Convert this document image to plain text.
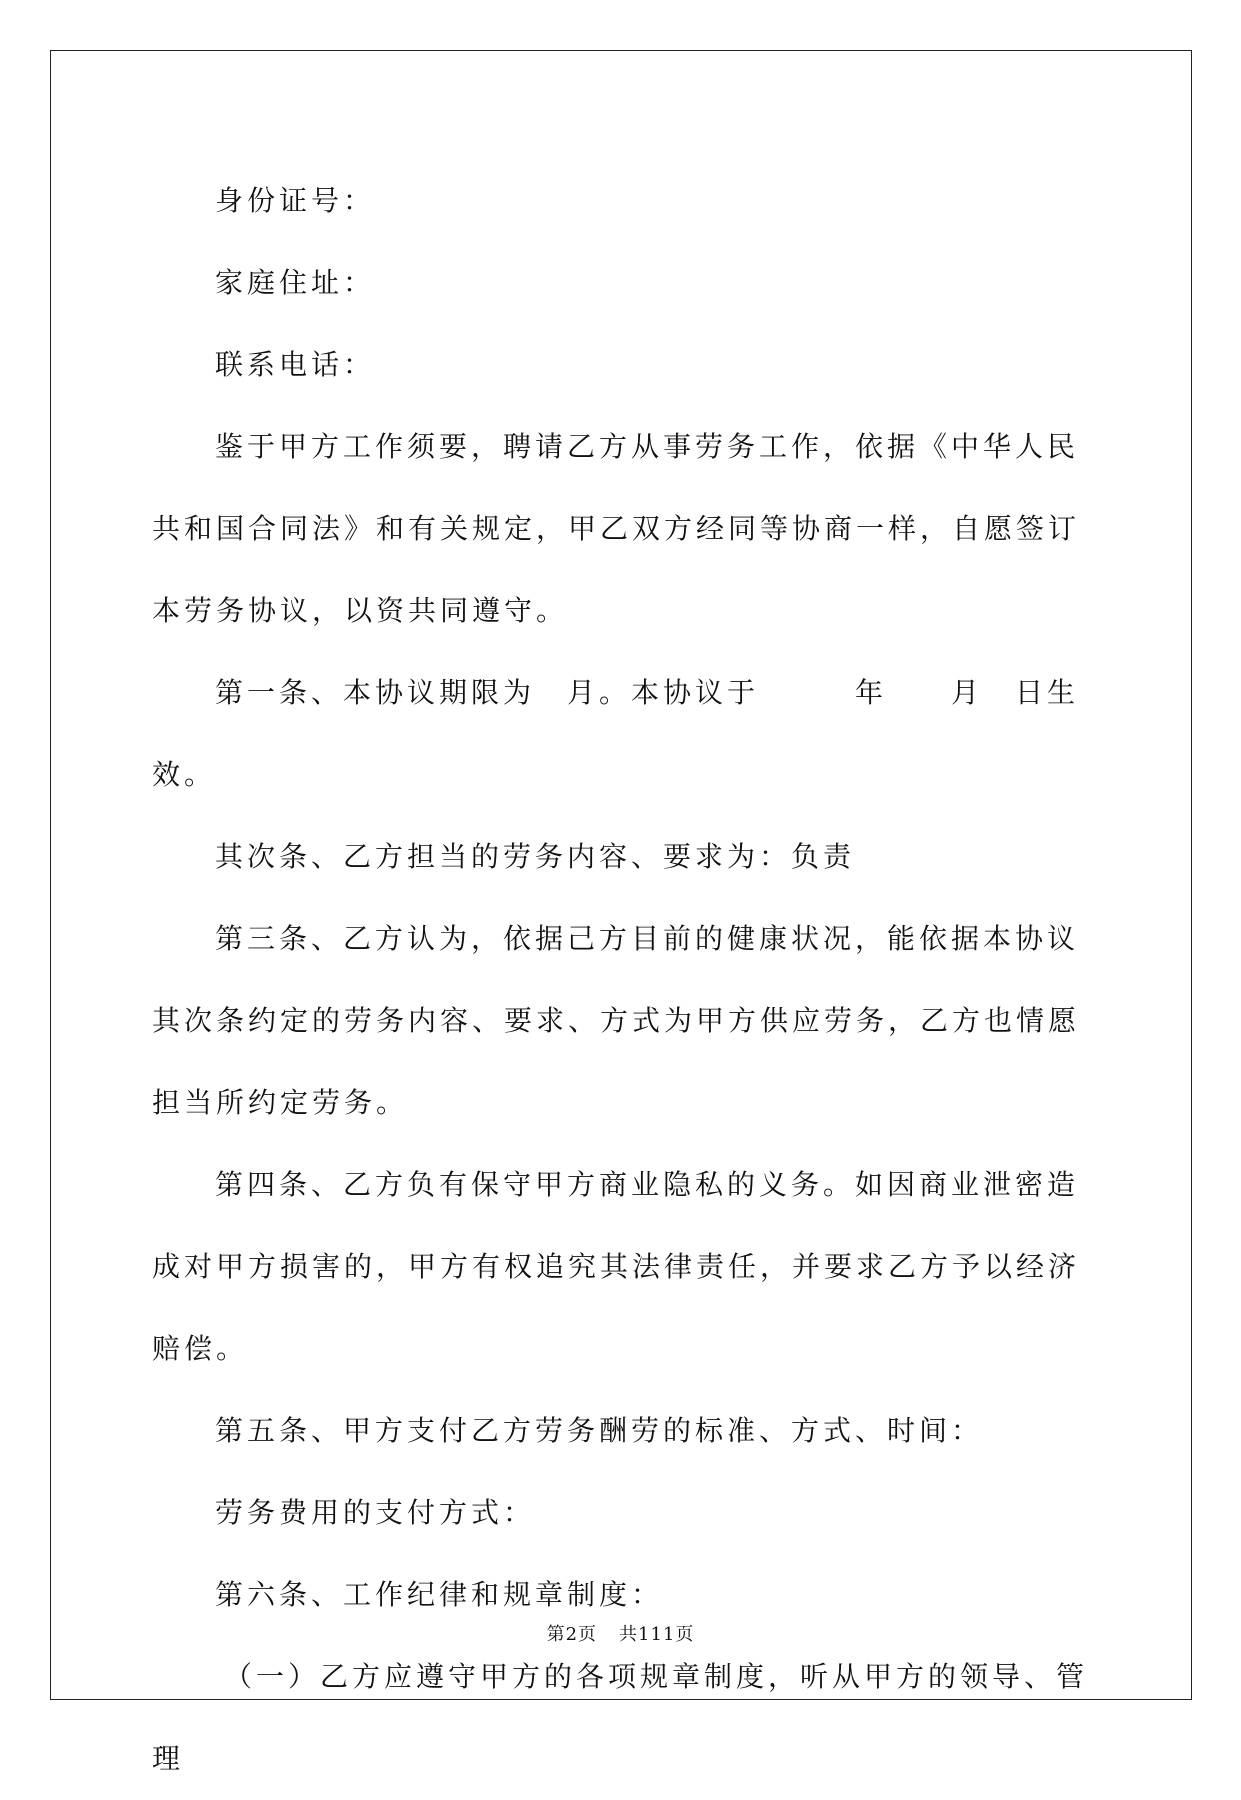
身份证号：

家庭住址：

联系电话：

鉴于甲方工作须要，聘请乙方从事劳务工作，依据《中华人民共和国合同法》和有关规定，甲乙双方经同等协商一样，自愿签订本劳务协议，以资共同遵守。

第一条、本协议期限为　月。本协议于　　　年　　月　日生效。

其次条、乙方担当的劳务内容、要求为：负责

第三条、乙方认为，依据己方目前的健康状况，能依据本协议其次条约定的劳务内容、要求、方式为甲方供应劳务，乙方也情愿担当所约定劳务。

第四条、乙方负有保守甲方商业隐私的义务。如因商业泄密造成对甲方损害的，甲方有权追究其法律责任，并要求乙方予以经济赔偿。

第五条、甲方支付乙方劳务酬劳的标准、方式、时间：

劳务费用的支付方式：

第六条、工作纪律和规章制度：

（一）乙方应遵守甲方的各项规章制度，听从甲方的领导、管理

第2页 共111页
